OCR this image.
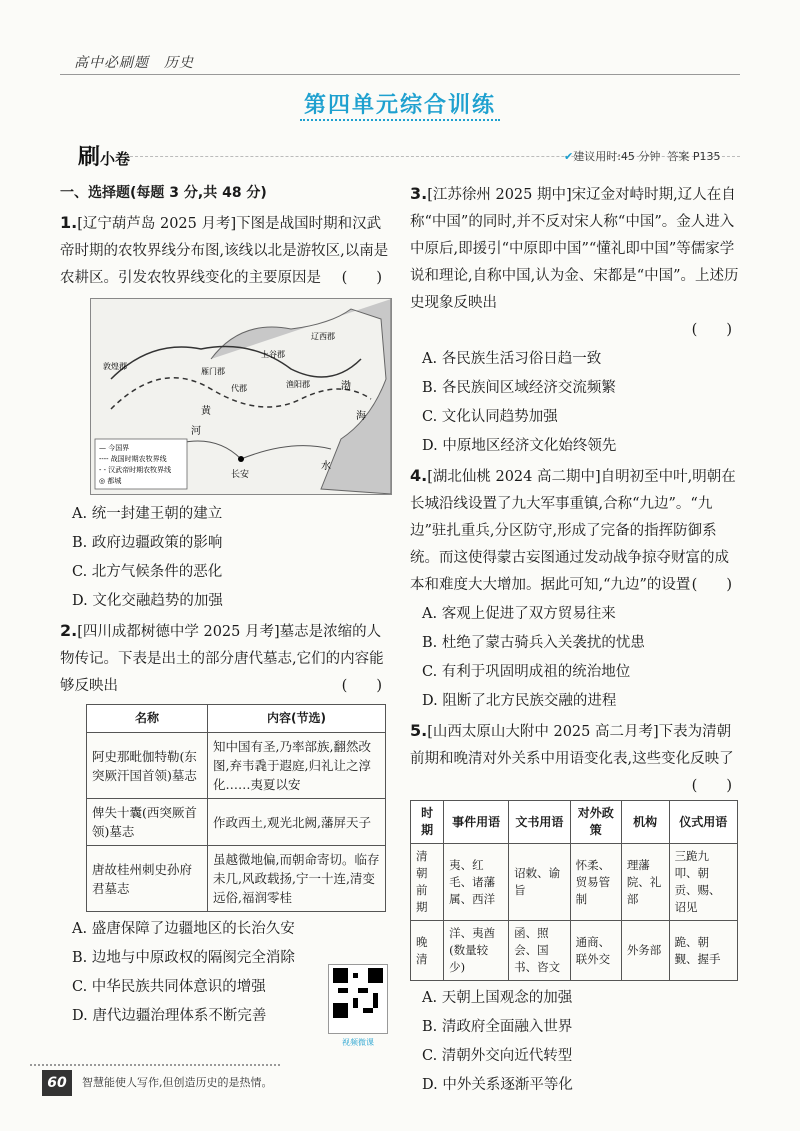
高中必刷题　历史
第四单元综合训练
刷小卷	✔建议用时:45 分钟 答案 P135
一、选择题(每题 3 分,共 48 分)
1.[辽宁葫芦岛 2025 月考]下图是战国时期和汉武帝时期的农牧界线分布图,该线以北是游牧区,以南是农耕区。引发农牧界线变化的主要原因是 (　　)
长安
辽西郡
上谷郡
渔阳郡
代郡
敦煌郡
雁门郡
河
黄
水
渤
海
— 今国界
---- 战国时期农牧界线
- - 汉武帝时期农牧界线
◎ 都城
A. 统一封建王朝的建立
B. 政府边疆政策的影响
C. 北方气候条件的恶化
D. 文化交融趋势的加强
2.[四川成都树德中学 2025 月考]墓志是浓缩的人物传记。下表是出土的部分唐代墓志,它们的内容能够反映出	(　　)
名称	内容(节选)
阿史那毗伽特勒(东突厥汗国首领)墓志	知中国有圣,乃率部族,翻然改图,弃韦毳于遐庭,归礼让之淳化……夷夏以安
俾失十囊(西突厥首领)墓志	作政西土,观光北阙,藩屏天子
唐故桂州刺史孙府君墓志	虽越微地偏,而朝命寄切。临存未几,风政载扬,宁一十连,清变远俗,福润零桂
A. 盛唐保障了边疆地区的长治久安
B. 边地与中原政权的隔阂完全消除
C. 中华民族共同体意识的增强
D. 唐代边疆治理体系不断完善
视频微课
3.[江苏徐州 2025 期中]宋辽金对峙时期,辽人在自称“中国”的同时,并不反对宋人称“中国”。金人进入中原后,即援引“中原即中国”“懂礼即中国”等儒家学说和理论,自称中国,认为金、宋都是“中国”。上述历史现象反映出
(　　)
A. 各民族生活习俗日趋一致
B. 各民族间区域经济交流频繁
C. 文化认同趋势加强
D. 中原地区经济文化始终领先
4.[湖北仙桃 2024 高二期中]自明初至中叶,明朝在长城沿线设置了九大军事重镇,合称“九边”。“九边”驻扎重兵,分区防守,形成了完备的指挥防御系统。而这使得蒙古妄图通过发动战争掠夺财富的成本和难度大大增加。据此可知,“九边”的设置 (　　)
A. 客观上促进了双方贸易往来
B. 杜绝了蒙古骑兵入关袭扰的忧患
C. 有利于巩固明成祖的统治地位
D. 阻断了北方民族交融的进程
5.[山西太原山大附中 2025 高二月考]下表为清朝前期和晚清对外关系中用语变化表,这些变化反映了
(　　)
时期	事件用语	文书用语	对外政策	机构	仪式用语
清朝前期	夷、红毛、诸藩属、西洋	诏敕、谕旨	怀柔、贸易管制	理藩院、礼部	三跪九叩、朝贡、赐、诏见
晚清	洋、夷酋(数量较少)	函、照会、国书、咨文	通商、联外交	外务部	跪、朝觐、握手
A. 天朝上国观念的加强
B. 清政府全面融入世界
C. 清朝外交向近代转型
D. 中外关系逐渐平等化
60	智慧能使人写作,但创造历史的是热情。
